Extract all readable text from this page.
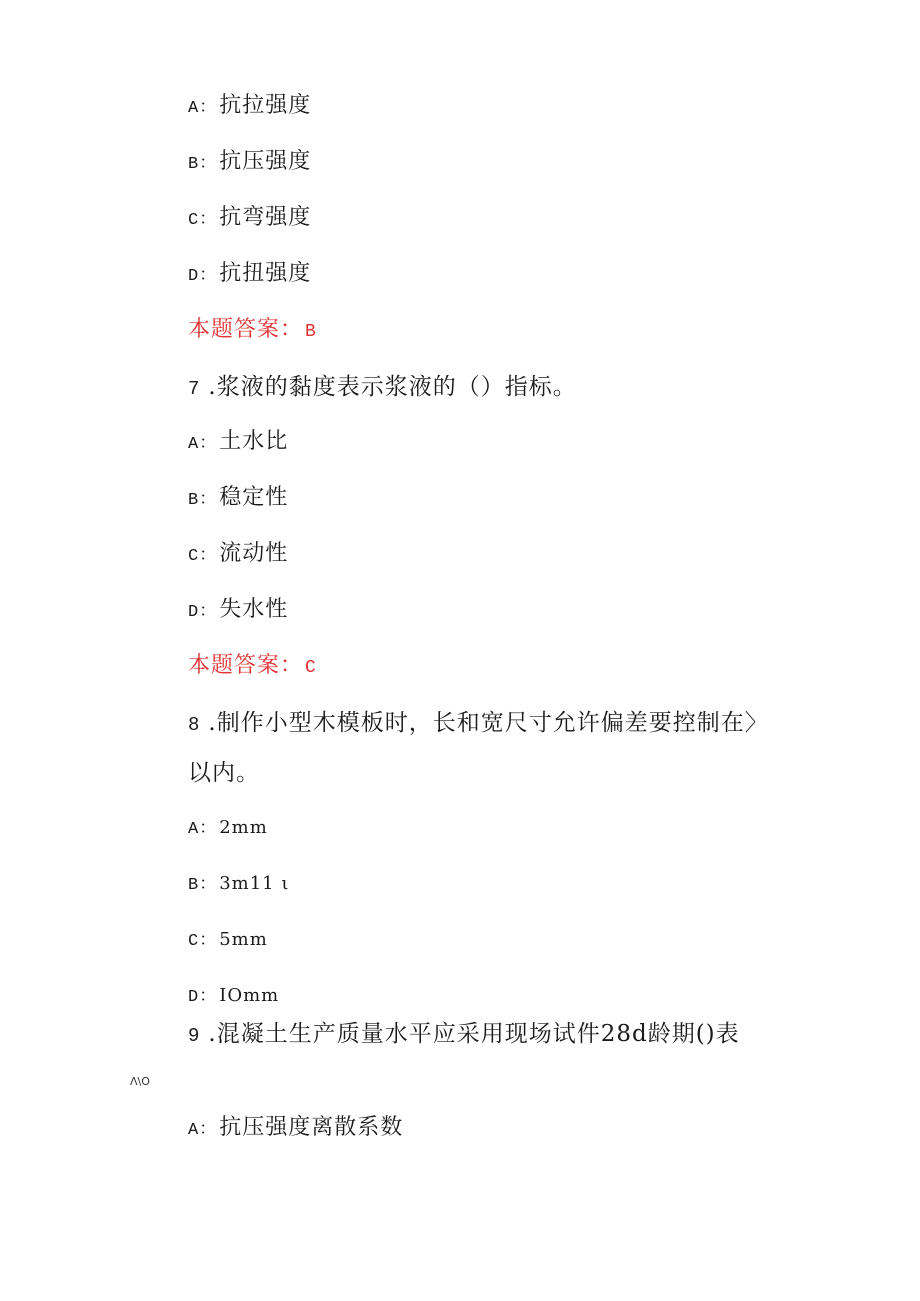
A：抗拉强度
B：抗压强度
C：抗弯强度
D：抗扭强度
本题答案： B
7 .浆液的黏度表示浆液的（）指标。
A：土水比
B：稳定性
C：流动性
D：失水性
本题答案： C
8 .制作小型木模板时，长和宽尺寸允许偏差要控制在〉
以内。
A： 2mm
B： 3m11 ι
C： 5mm
D： IOmm
9 .混凝土生产质量水平应采用现场试件28d龄期()表
Λ\O
A：抗压强度离散系数
